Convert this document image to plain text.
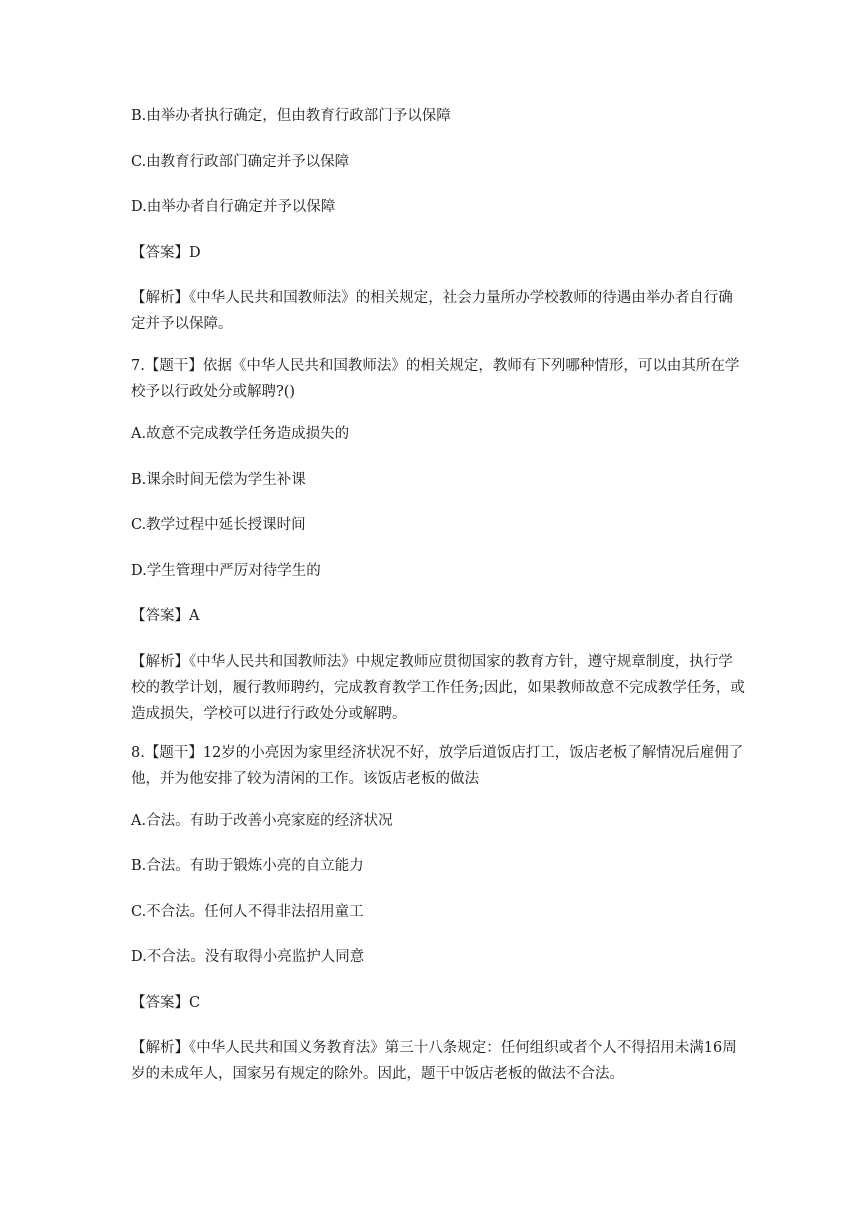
B.由举办者执行确定，但由教育行政部门予以保障

C.由教育行政部门确定并予以保障

D.由举办者自行确定并予以保障

【答案】D

【解析】《中华人民共和国教师法》的相关规定，社会力量所办学校教师的待遇由举办者自行确定并予以保障。

7.【题干】依据《中华人民共和国教师法》的相关规定，教师有下列哪种情形，可以由其所在学校予以行政处分或解聘?()

A.故意不完成教学任务造成损失的

B.课余时间无偿为学生补课

C.教学过程中延长授课时间

D.学生管理中严厉对待学生的

【答案】A

【解析】《中华人民共和国教师法》中规定教师应贯彻国家的教育方针，遵守规章制度，执行学校的教学计划，履行教师聘约，完成教育教学工作任务;因此，如果教师故意不完成教学任务，或造成损失，学校可以进行行政处分或解聘。

8.【题干】12岁的小亮因为家里经济状况不好，放学后道饭店打工，饭店老板了解情况后雇佣了他，并为他安排了较为清闲的工作。该饭店老板的做法

A.合法。有助于改善小亮家庭的经济状况

B.合法。有助于锻炼小亮的自立能力

C.不合法。任何人不得非法招用童工

D.不合法。没有取得小亮监护人同意

【答案】C

【解析】《中华人民共和国义务教育法》第三十八条规定：任何组织或者个人不得招用未满16周岁的未成年人，国家另有规定的除外。因此，题干中饭店老板的做法不合法。
